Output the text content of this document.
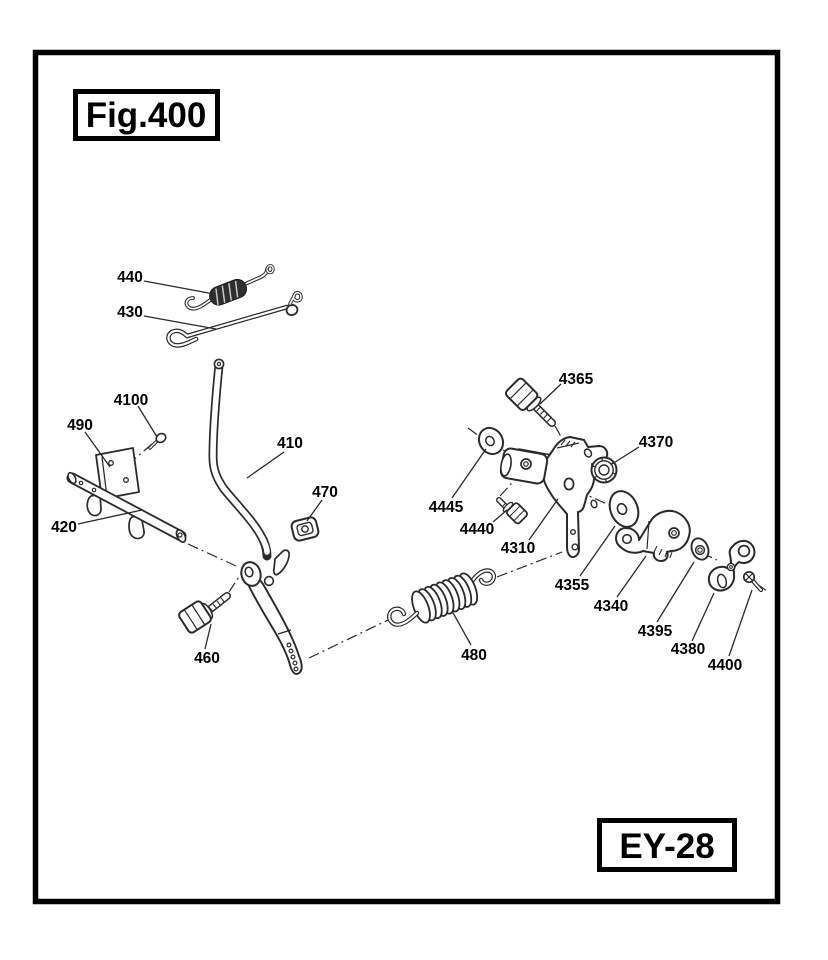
440
430
4100
490
410
470
420
460	480
4365
4370
4445
4440
4310
4355
4340
4395
4380
4400
Fig.400
EY-28
